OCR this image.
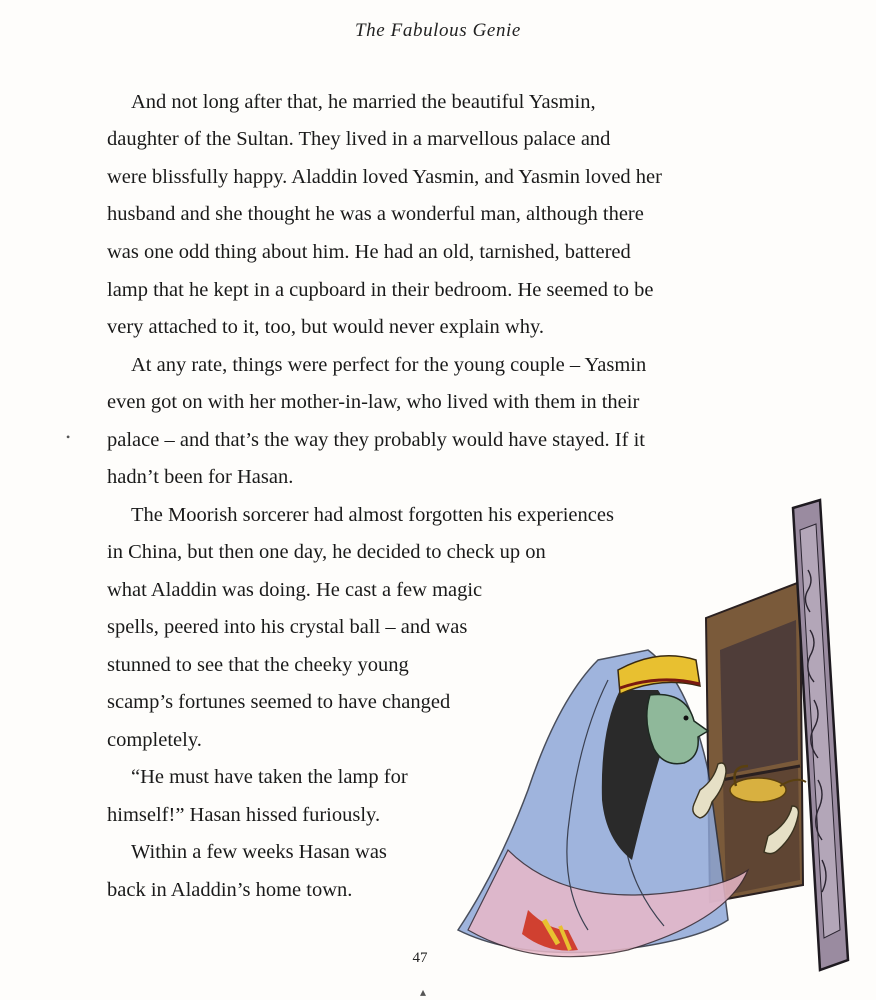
The Fabulous Genie
And not long after that, he married the beautiful Yasmin,
daughter of the Sultan. They lived in a marvellous palace and
were blissfully happy. Aladdin loved Yasmin, and Yasmin loved her
husband and she thought he was a wonderful man, although there
was one odd thing about him. He had an old, tarnished, battered
lamp that he kept in a cupboard in their bedroom. He seemed to be
very attached to it, too, but would never explain why.
At any rate, things were perfect for the young couple – Yasmin
even got on with her mother-in-law, who lived with them in their
palace – and that’s the way they probably would have stayed. If it
hadn’t been for Hasan.
The Moorish sorcerer had almost forgotten his experiences
in China, but then one day, he decided to check up on
what Aladdin was doing. He cast a few magic
spells, peered into his crystal ball – and was
stunned to see that the cheeky young
scamp’s fortunes seemed to have changed
completely.
“He must have taken the lamp for
himself!” Hasan hissed furiously.
Within a few weeks Hasan was
back in Aladdin’s home town.
•
▴
47
